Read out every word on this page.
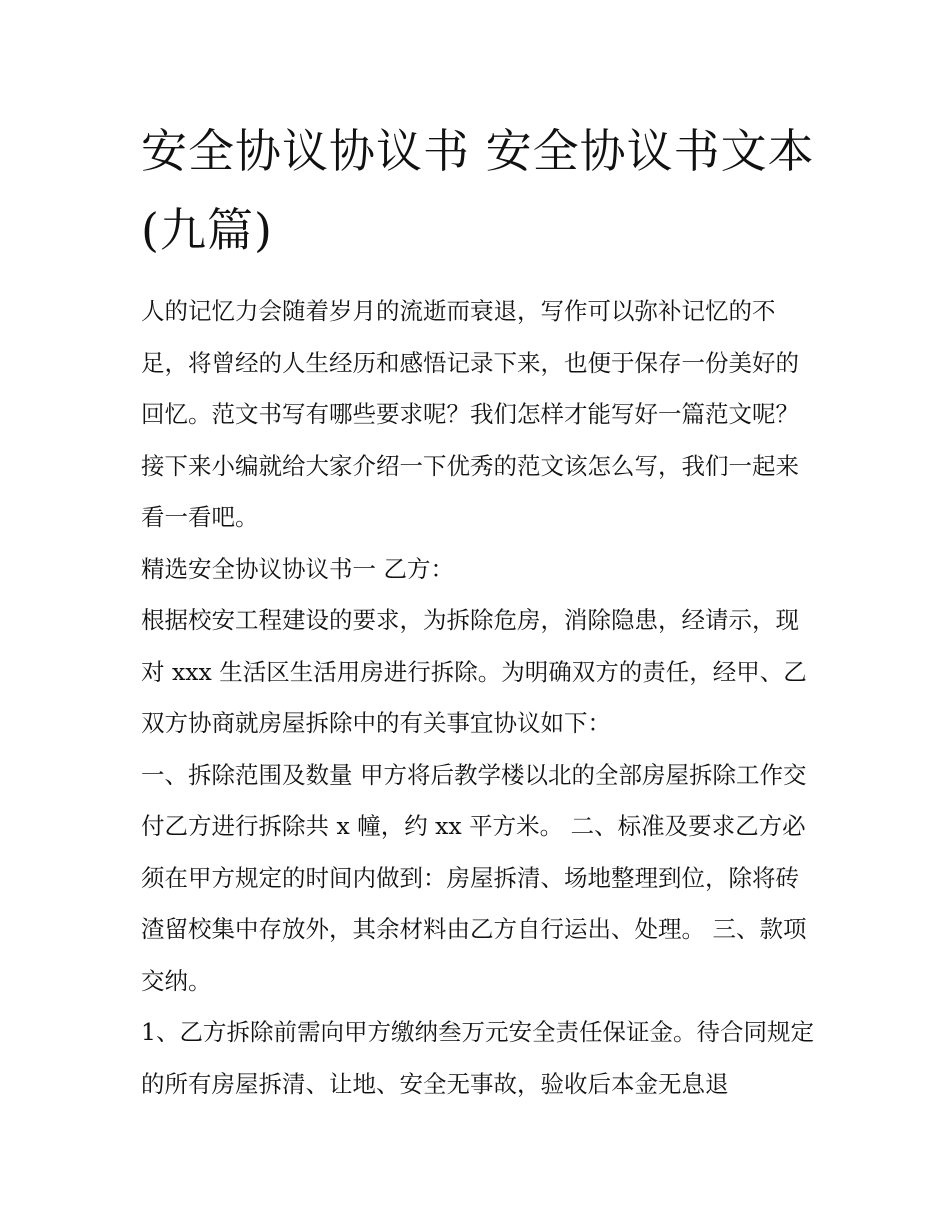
安全协议协议书 安全协议书文本(九篇)

人的记忆力会随着岁月的流逝而衰退，写作可以弥补记忆的不足，将曾经的人生经历和感悟记录下来，也便于保存一份美好的回忆。范文书写有哪些要求呢？我们怎样才能写好一篇范文呢？接下来小编就给大家介绍一下优秀的范文该怎么写，我们一起来看一看吧。

精选安全协议协议书一 乙方：

根据校安工程建设的要求，为拆除危房，消除隐患，经请示，现对 xxx 生活区生活用房进行拆除。为明确双方的责任，经甲、乙双方协商就房屋拆除中的有关事宜协议如下：

一、拆除范围及数量 甲方将后教学楼以北的全部房屋拆除工作交付乙方进行拆除共 x 幢，约 xx 平方米。 二、标准及要求乙方必须在甲方规定的时间内做到：房屋拆清、场地整理到位，除将砖渣留校集中存放外，其余材料由乙方自行运出、处理。 三、款项交纳。

1、乙方拆除前需向甲方缴纳叁万元安全责任保证金。待合同规定的所有房屋拆清、让地、安全无事故，验收后本金无息退
